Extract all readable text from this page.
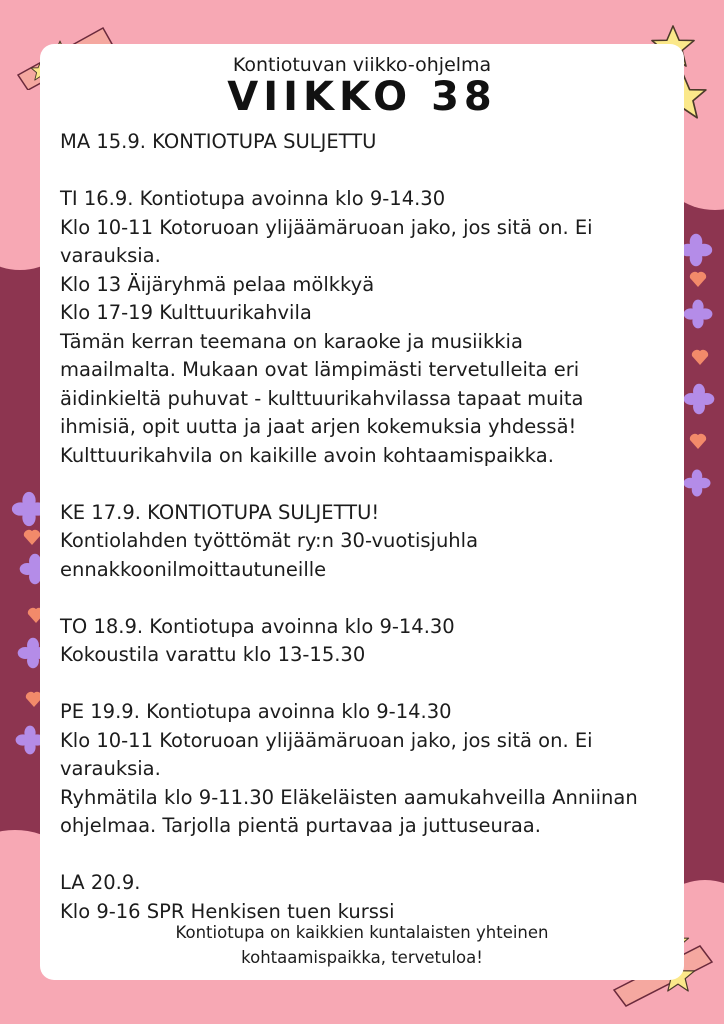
Kontiotuvan viikko-ohjelma
VIIKKO 38
MA 15.9. KONTIOTUPA SULJETTU
TI 16.9. Kontiotupa avoinna klo 9-14.30
Klo 10-11 Kotoruoan ylijäämäruoan jako, jos sitä on. Ei
varauksia.
Klo 13 Äijäryhmä pelaa mölkkyä
Klo 17-19 Kulttuurikahvila
Tämän kerran teemana on karaoke ja musiikkia
maailmalta. Mukaan ovat lämpimästi tervetulleita eri
äidinkieltä puhuvat - kulttuurikahvilassa tapaat muita
ihmisiä, opit uutta ja jaat arjen kokemuksia yhdessä!
Kulttuurikahvila on kaikille avoin kohtaamispaikka.
KE 17.9. KONTIOTUPA SULJETTU!
Kontiolahden työttömät ry:n 30-vuotisjuhla
ennakkoonilmoittautuneille
TO 18.9. Kontiotupa avoinna klo 9-14.30
Kokoustila varattu klo 13-15.30
PE 19.9. Kontiotupa avoinna klo 9-14.30
Klo 10-11 Kotoruoan ylijäämäruoan jako, jos sitä on. Ei
varauksia.
Ryhmätila klo 9-11.30 Eläkeläisten aamukahveilla Anniinan
ohjelmaa. Tarjolla pientä purtavaa ja juttuseuraa.
LA 20.9.
Klo 9-16 SPR Henkisen tuen kurssi
Kontiotupa on kaikkien kuntalaisten yhteinen
kohtaamispaikka, tervetuloa!
